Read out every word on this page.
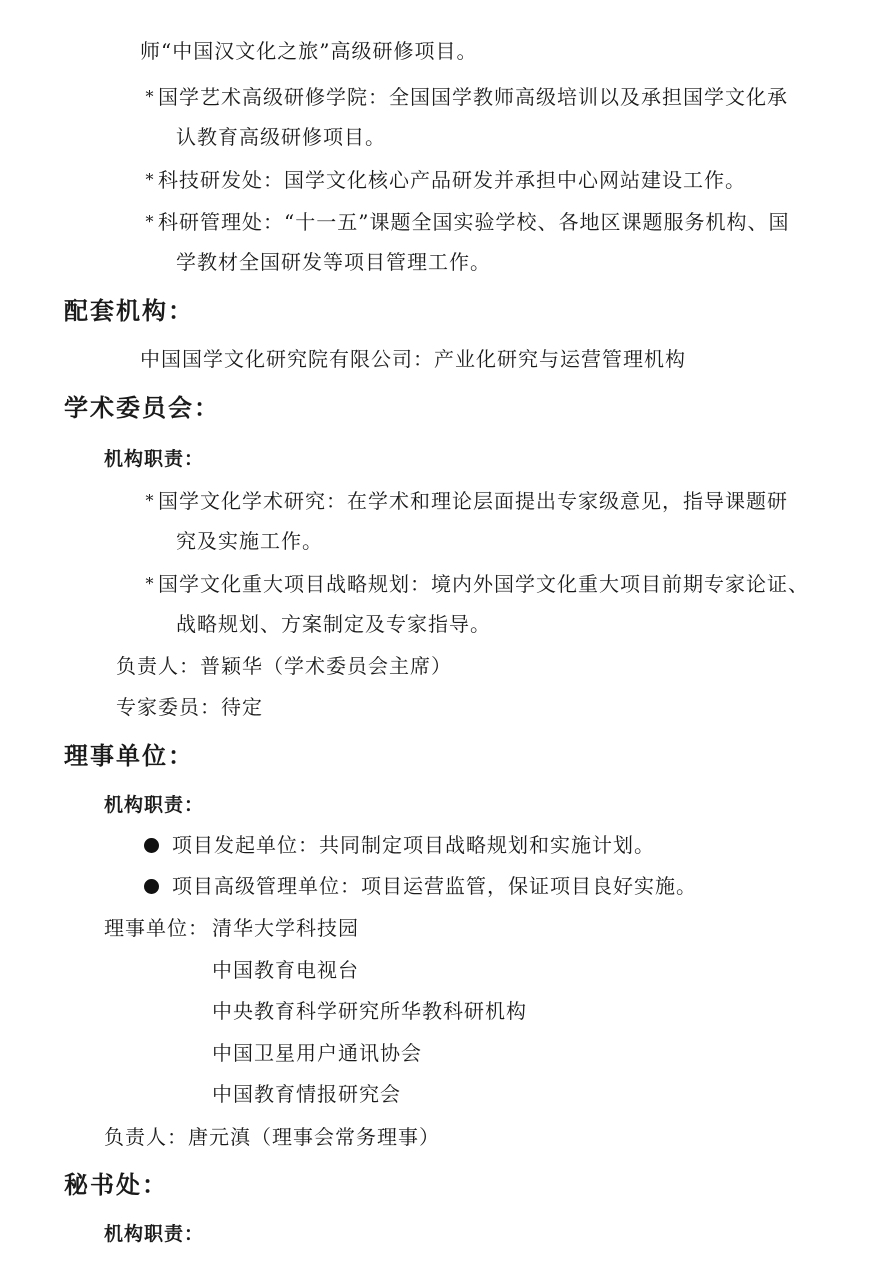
师“中国汉文化之旅”高级研修项目。
* 国学艺术高级研修学院：全国国学教师高级培训以及承担国学文化承
认教育高级研修项目。
* 科技研发处：国学文化核心产品研发并承担中心网站建设工作。
* 科研管理处：“十一五”课题全国实验学校、各地区课题服务机构、国
学教材全国研发等项目管理工作。
配套机构：
中国国学文化研究院有限公司：产业化研究与运营管理机构
学术委员会：
机构职责：
* 国学文化学术研究：在学术和理论层面提出专家级意见，指导课题研
究及实施工作。
* 国学文化重大项目战略规划：境内外国学文化重大项目前期专家论证、
战略规划、方案制定及专家指导。
负责人：普颖华（学术委员会主席）
专家委员：待定
理事单位：
机构职责：
项目发起单位：共同制定项目战略规划和实施计划。
项目高级管理单位：项目运营监管，保证项目良好实施。
理事单位： 清华大学科技园
中国教育电视台
中央教育科学研究所华教科研机构
中国卫星用户通讯协会
中国教育情报研究会
负责人：唐元滇（理事会常务理事）
秘书处：
机构职责：
